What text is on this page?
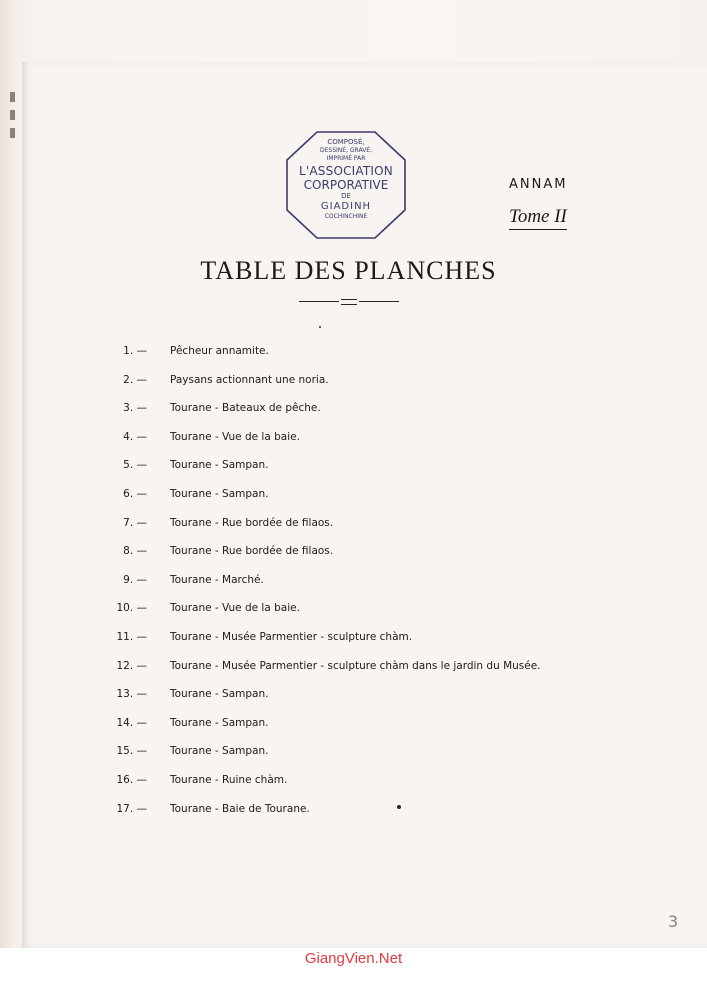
COMPOSÉ,
DESSINÉ, GRAVÉ,
IMPRIMÉ PAR
L'ASSOCIATION
CORPORATIVE
DE
GIADINH
COCHINCHINE
ANNAM
Tome II
TABLE DES PLANCHES
1. — Pêcheur annamite.
2. — Paysans actionnant une noria.
3. — Tourane - Bateaux de pêche.
4. — Tourane - Vue de la baie.
5. — Tourane - Sampan.
6. — Tourane - Sampan.
7. — Tourane - Rue bordée de filaos.
8. — Tourane - Rue bordée de filaos.
9. — Tourane - Marché.
10. — Tourane - Vue de la baie.
11. — Tourane - Musée Parmentier - sculpture chàm.
12. — Tourane - Musée Parmentier - sculpture chàm dans le jardin du Musée.
13. — Tourane - Sampan.
14. — Tourane - Sampan.
15. — Tourane - Sampan.
16. — Tourane - Ruine chàm.
17. — Tourane - Baie de Tourane.
3
GiangVien.Net
